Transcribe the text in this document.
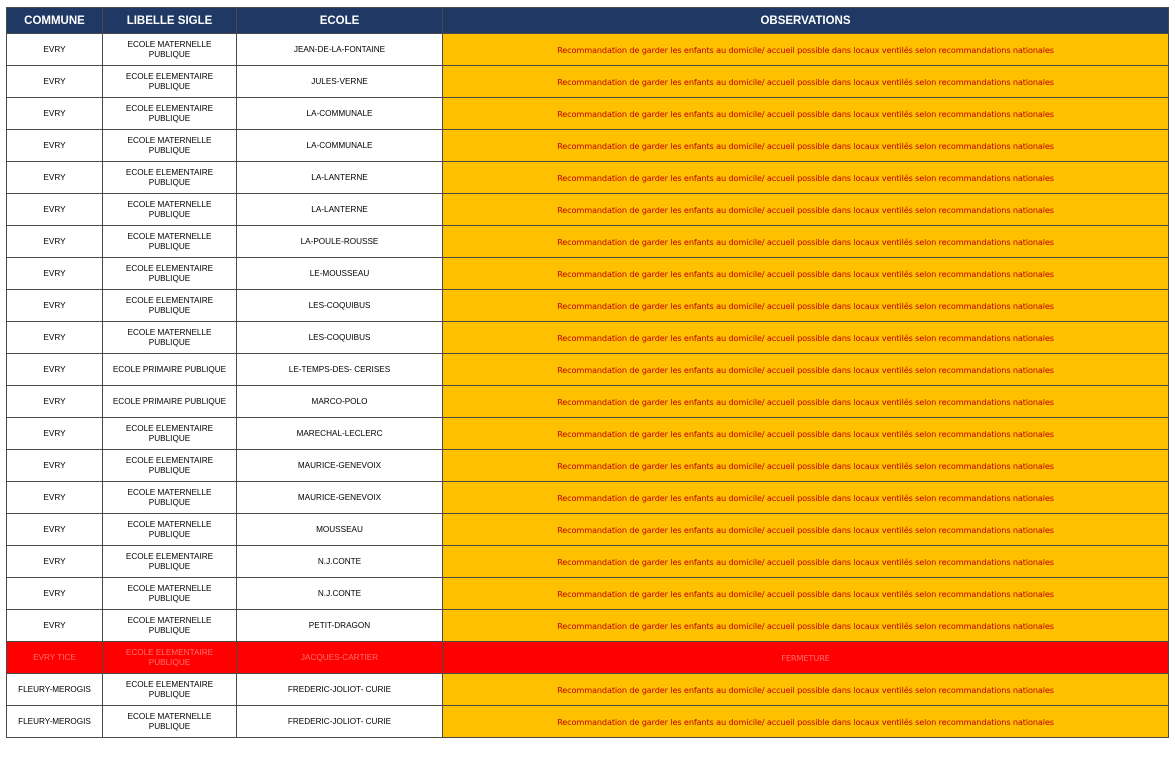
COMMUNE	LIBELLE SIGLE	ECOLE	OBSERVATIONS
EVRY	ECOLE MATERNELLE PUBLIQUE	JEAN-DE-LA-FONTAINE	Recommandation de garder les enfants au domicile/ accueil possible dans locaux ventilés selon recommandations nationales
EVRY	ECOLE ELEMENTAIRE PUBLIQUE	JULES-VERNE	Recommandation de garder les enfants au domicile/ accueil possible dans locaux ventilés selon recommandations nationales
EVRY	ECOLE ELEMENTAIRE PUBLIQUE	LA-COMMUNALE	Recommandation de garder les enfants au domicile/ accueil possible dans locaux ventilés selon recommandations nationales
EVRY	ECOLE MATERNELLE PUBLIQUE	LA-COMMUNALE	Recommandation de garder les enfants au domicile/ accueil possible dans locaux ventilés selon recommandations nationales
EVRY	ECOLE ELEMENTAIRE PUBLIQUE	LA-LANTERNE	Recommandation de garder les enfants au domicile/ accueil possible dans locaux ventilés selon recommandations nationales
EVRY	ECOLE MATERNELLE PUBLIQUE	LA-LANTERNE	Recommandation de garder les enfants au domicile/ accueil possible dans locaux ventilés selon recommandations nationales
EVRY	ECOLE MATERNELLE PUBLIQUE	LA-POULE-ROUSSE	Recommandation de garder les enfants au domicile/ accueil possible dans locaux ventilés selon recommandations nationales
EVRY	ECOLE ELEMENTAIRE PUBLIQUE	LE-MOUSSEAU	Recommandation de garder les enfants au domicile/ accueil possible dans locaux ventilés selon recommandations nationales
EVRY	ECOLE ELEMENTAIRE PUBLIQUE	LES-COQUIBUS	Recommandation de garder les enfants au domicile/ accueil possible dans locaux ventilés selon recommandations nationales
EVRY	ECOLE MATERNELLE PUBLIQUE	LES-COQUIBUS	Recommandation de garder les enfants au domicile/ accueil possible dans locaux ventilés selon recommandations nationales
EVRY	ECOLE PRIMAIRE PUBLIQUE	LE-TEMPS-DES- CERISES	Recommandation de garder les enfants au domicile/ accueil possible dans locaux ventilés selon recommandations nationales
EVRY	ECOLE PRIMAIRE PUBLIQUE	MARCO-POLO	Recommandation de garder les enfants au domicile/ accueil possible dans locaux ventilés selon recommandations nationales
EVRY	ECOLE ELEMENTAIRE PUBLIQUE	MARECHAL-LECLERC	Recommandation de garder les enfants au domicile/ accueil possible dans locaux ventilés selon recommandations nationales
EVRY	ECOLE ELEMENTAIRE PUBLIQUE	MAURICE-GENEVOIX	Recommandation de garder les enfants au domicile/ accueil possible dans locaux ventilés selon recommandations nationales
EVRY	ECOLE MATERNELLE PUBLIQUE	MAURICE-GENEVOIX	Recommandation de garder les enfants au domicile/ accueil possible dans locaux ventilés selon recommandations nationales
EVRY	ECOLE MATERNELLE PUBLIQUE	MOUSSEAU	Recommandation de garder les enfants au domicile/ accueil possible dans locaux ventilés selon recommandations nationales
EVRY	ECOLE ELEMENTAIRE PUBLIQUE	N.J.CONTE	Recommandation de garder les enfants au domicile/ accueil possible dans locaux ventilés selon recommandations nationales
EVRY	ECOLE MATERNELLE PUBLIQUE	N.J.CONTE	Recommandation de garder les enfants au domicile/ accueil possible dans locaux ventilés selon recommandations nationales
EVRY	ECOLE MATERNELLE PUBLIQUE	PETIT-DRAGON	Recommandation de garder les enfants au domicile/ accueil possible dans locaux ventilés selon recommandations nationales
EVRY TICE	ECOLE ELEMENTAIRE PUBLIQUE	JACQUES-CARTIER	FERMETURE
FLEURY-MEROGIS	ECOLE ELEMENTAIRE PUBLIQUE	FREDERIC-JOLIOT- CURIE	Recommandation de garder les enfants au domicile/ accueil possible dans locaux ventilés selon recommandations nationales
FLEURY-MEROGIS	ECOLE MATERNELLE PUBLIQUE	FREDERIC-JOLIOT- CURIE	Recommandation de garder les enfants au domicile/ accueil possible dans locaux ventilés selon recommandations nationales
